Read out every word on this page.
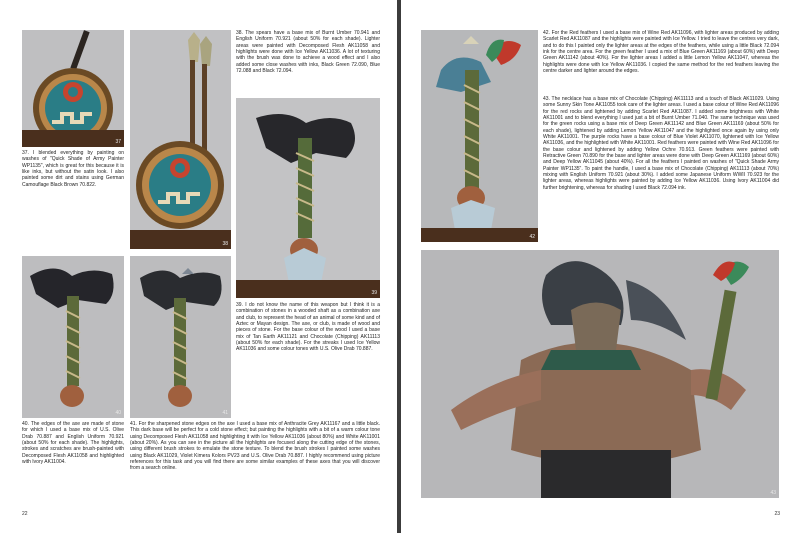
37
38

37. I blended everything by painting on washes of "Quick Shade of Army Painter WP1135", which is great for this because it is like inks, but without the satin look. I also painted some dirt and stains using German Camouflage Black Brown 70.822.

38. The spears have a base mix of Burnt Umber 70.941 and English Uniform 70.921 (about 50% for each shade). Lighter areas were painted with Decomposed Flesh AK11058 and highlights were done with Ice Yellow AK11036. A lot of texturing with the brush was done to achieve a wood effect and I also added some close washes with inks, Black Green 72.090, Blue 72.088 and Black 72.094.

39
40	41

39. I do not know the name of this weapon but I think it is a combination of stones in a wooded shaft as a combination axe and club, to represent the head of an animal of some kind and of Aztec or Mayan design. The axe, or club, is made of wood and pieces of stone. For the base colour of the wood I used a base mix of Tan Earth AK11121 and Chocolate (Chipping) AK11113 (about 50% for each shade). For the streaks I used Ice Yellow AK11036 and some colour tones with U.S. Olive Drab 70.887.

40. The edges of the axe are made of stone for which I used a base mix of U.S. Olive Drab 70.887 and English Uniform 70.921 (about 50% for each shade). The highlights, strokes and scratches are brush-painted with Decomposed Flesh AK11058 and highlighted with Ivory AK11004.

41. For the sharpened stone edges on the axe I used a base mix of Anthracite Grey AK11167 and a little black. This dark base will be perfect for a cold stone effect; but painting the highlights with a bit of a warm colour tone using Decomposed Flesh AK11058 and highlighting it with Ice Yellow AK11036 (about 80%) and White AK11001 (about 20%). As you can see in the picture all the highlights are focused along the cutting edge of the stones, using different brush strokes to emulate the stone texture. To blend the brush strokes I painted some washes using Black AK11029, Violet Kimera Kolors PV23 and U.S. Olive Drab 70.887. I highly recommend using picture references for this task and you will find there are some similar examples of these axes that you will discover from a search online.

22
42

42. For the Red feathers I used a base mix of Wine Red AK11096, with lighter areas produced by adding Scarlet Red AK11087 and the highlights were painted with Ice Yellow. I tried to leave the centres very dark, and to do this I painted only the lighter areas at the edges of the feathers, while using a little Black 72.094 ink for the centre area. For the green feather I used a mix of Blue Green AK11169 (about 60%) with Deep Green AK11142 (about 40%). For the lighter areas I added a little Lemon Yellow AK11047, whereas the highlights were done with Ice Yellow AK11036. I copied the same method for the red feathers leaving the centre darker and lighter around the edges.

43. The necklace has a base mix of Chocolate (Chipping) AK11113 and a touch of Black AK11029. Using some Sunny Skin Tone AK11055 took care of the lighter areas. I used a base colour of Wine Red AK11096 for the red rocks and lightened by adding Scarlet Red AK11087. I added some brightness with White AK11001 and to blend everything I used just a bit of Burnt Umber 71.040. The same technique was used for the green rocks using a base mix of Deep Green AK11142 and Blue Green AK11169 (about 50% for each shade), lightened by adding Lemon Yellow AK11047 and the highlighted once again by using only White AK11001. The purple rocks have a base colour of Blue Violet AK11070, lightened with Ice Yellow AK11036, and the highlighted with White AK11001. Red feathers were painted with Wine Red AK11096 for the base colour and lightened by adding Yellow Ochre 70.913. Green feathers were painted with Retractive Green 70.890 for the base and lighter areas were done with Deep Green AK11169 (about 60%) and Deep Yellow AK11045 (about 40%). For all the feathers I painted on washes of "Quick Shade Army Painter WP1135". To paint the handle, I used a base mix of Chocolate (Chipping) AK11113 (about 70%) mixing with English Uniform 70.921 (about 30%). I added some Japanese Uniform WWII 70.923 for the lighter areas, whereas highlights were painted by adding Ice Yellow AK11036. Using Ivory AK11004 did further brightening, whereas for shading I used Black 72.094 ink.

43
23
